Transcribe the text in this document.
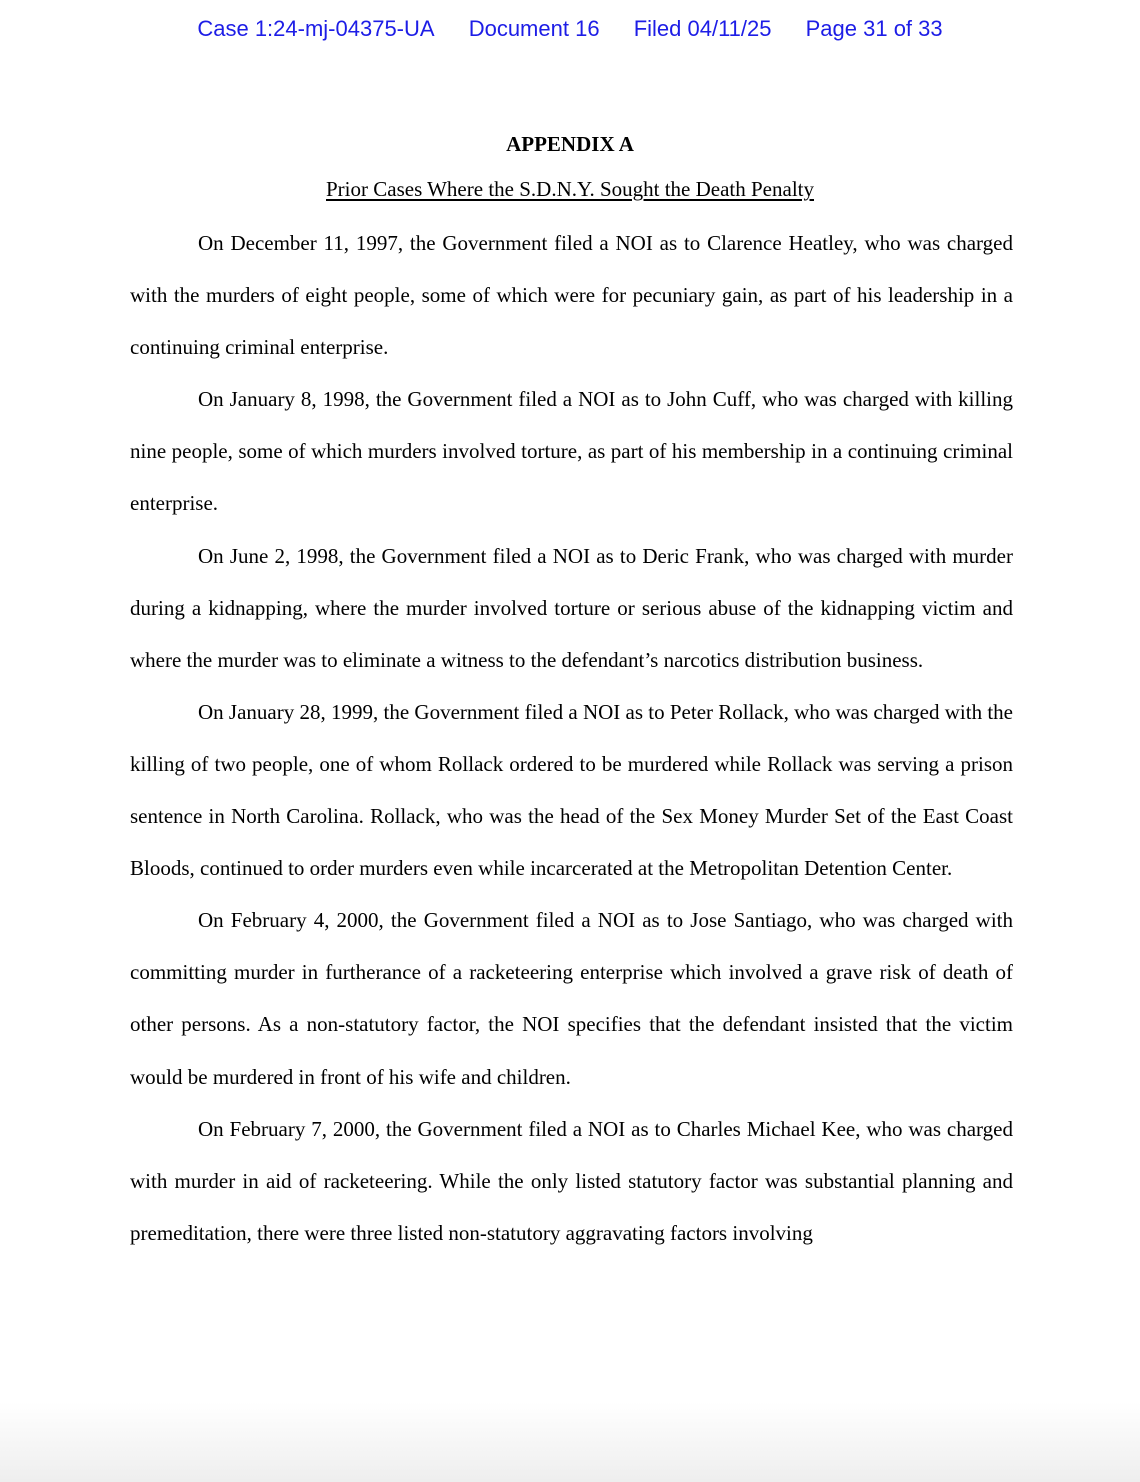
Case 1:24-mj-04375-UA Document 16 Filed 04/11/25 Page 31 of 33
APPENDIX A
Prior Cases Where the S.D.N.Y. Sought the Death Penalty

On December 11, 1997, the Government filed a NOI as to Clarence Heatley, who was charged with the murders of eight people, some of which were for pecuniary gain, as part of his leadership in a continuing criminal enterprise.

On January 8, 1998, the Government filed a NOI as to John Cuff, who was charged with killing nine people, some of which murders involved torture, as part of his membership in a continuing criminal enterprise.

On June 2, 1998, the Government filed a NOI as to Deric Frank, who was charged with murder during a kidnapping, where the murder involved torture or serious abuse of the kidnapping victim and where the murder was to eliminate a witness to the defendant’s narcotics distribution business.

On January 28, 1999, the Government filed a NOI as to Peter Rollack, who was charged with the killing of two people, one of whom Rollack ordered to be murdered while Rollack was serving a prison sentence in North Carolina. Rollack, who was the head of the Sex Money Murder Set of the East Coast Bloods, continued to order murders even while incarcerated at the Metropolitan Detention Center.

On February 4, 2000, the Government filed a NOI as to Jose Santiago, who was charged with committing murder in furtherance of a racketeering enterprise which involved a grave risk of death of other persons. As a non-statutory factor, the NOI specifies that the defendant insisted that the victim would be murdered in front of his wife and children.

On February 7, 2000, the Government filed a NOI as to Charles Michael Kee, who was charged with murder in aid of racketeering. While the only listed statutory factor was substantial planning and premeditation, there were three listed non-statutory aggravating factors involving
